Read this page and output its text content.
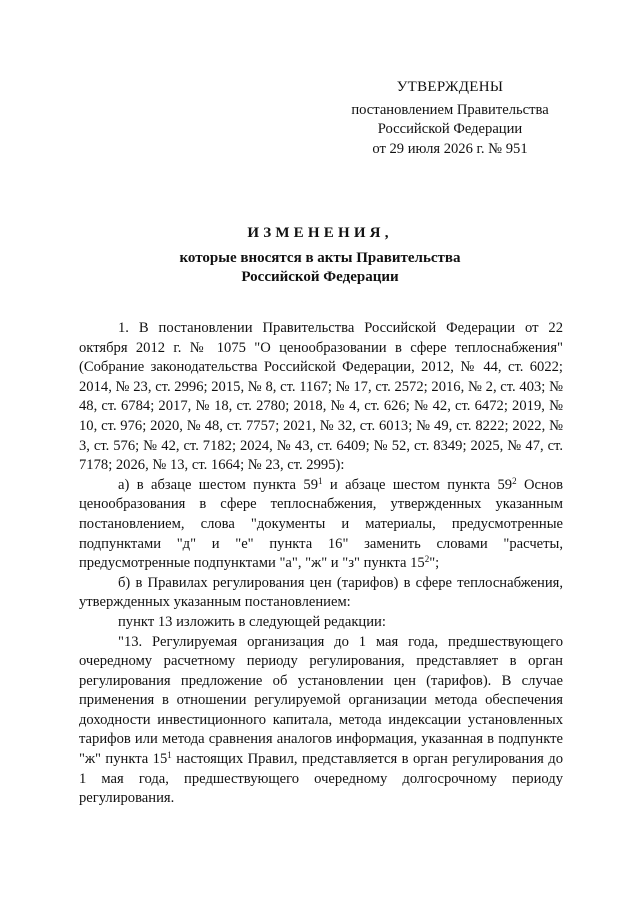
УТВЕРЖДЕНЫ
постановлением Правительства
Российской Федерации
от 29 июля 2026 г. № 951
ИЗМЕНЕНИЯ,
которые вносятся в акты Правительства
Российской Федерации

1. В постановлении Правительства Российской Федерации от 22 октября 2012 г. № 1075 "О ценообразовании в сфере теплоснабжения" (Собрание законодательства Российской Федерации, 2012, № 44, ст. 6022; 2014, № 23, ст. 2996; 2015, № 8, ст. 1167; № 17, ст. 2572; 2016, № 2, ст. 403; № 48, ст. 6784; 2017, № 18, ст. 2780; 2018, № 4, ст. 626; № 42, ст. 6472; 2019, № 10, ст. 976; 2020, № 48, ст. 7757; 2021, № 32, ст. 6013; № 49, ст. 8222; 2022, № 3, ст. 576; № 42, ст. 7182; 2024, № 43, ст. 6409; № 52, ст. 8349; 2025, № 47, ст. 7178; 2026, № 13, ст. 1664; № 23, ст. 2995):

а) в абзаце шестом пункта $59^1$ и абзаце шестом пункта $59^2$ Основ ценообразования в сфере теплоснабжения, утвержденных указанным постановлением, слова "документы и материалы, предусмотренные подпунктами "д" и "е" пункта 16" заменить словами "расчеты, предусмотренные подпунктами "а", "ж" и "з" пункта $15^2$";

б) в Правилах регулирования цен (тарифов) в сфере теплоснабжения, утвержденных указанным постановлением:

пункт 13 изложить в следующей редакции:

"13. Регулируемая организация до 1 мая года, предшествующего очередному расчетному периоду регулирования, представляет в орган регулирования предложение об установлении цен (тарифов). В случае применения в отношении регулируемой организации метода обеспечения доходности инвестиционного капитала, метода индексации установленных тарифов или метода сравнения аналогов информация, указанная в подпункте "ж" пункта $15^1$ настоящих Правил, представляется в орган регулирования до 1 мая года, предшествующего очередному долгосрочному периоду регулирования.
